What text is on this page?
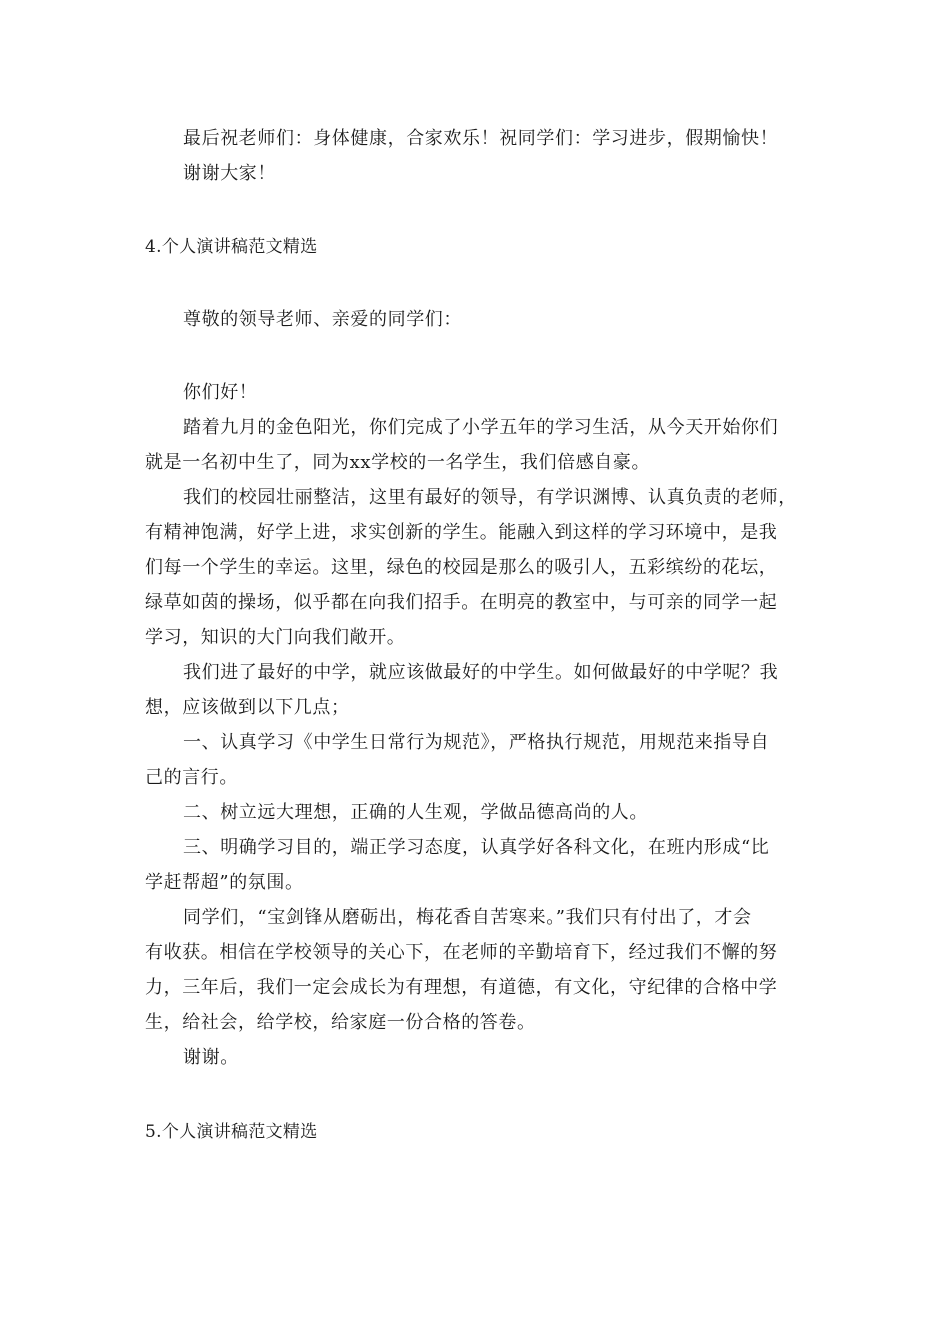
最后祝老师们：身体健康，合家欢乐！祝同学们：学习进步，假期愉快！
谢谢大家！
4.个人演讲稿范文精选
尊敬的领导老师、亲爱的同学们：
你们好！
踏着九月的金色阳光，你们完成了小学五年的学习生活，从今天开始你们
就是一名初中生了，同为xx学校的一名学生，我们倍感自豪。
我们的校园壮丽整洁，这里有最好的领导，有学识渊博、认真负责的老师，
有精神饱满，好学上进，求实创新的学生。能融入到这样的学习环境中，是我
们每一个学生的幸运。这里，绿色的校园是那么的吸引人，五彩缤纷的花坛，
绿草如茵的操场，似乎都在向我们招手。在明亮的教室中，与可亲的同学一起
学习，知识的大门向我们敞开。
我们进了最好的中学，就应该做最好的中学生。如何做最好的中学呢？我
想，应该做到以下几点；
一、认真学习《中学生日常行为规范》，严格执行规范，用规范来指导自
己的言行。
二、树立远大理想，正确的人生观，学做品德高尚的人。
三、明确学习目的，端正学习态度，认真学好各科文化，在班内形成“比
学赶帮超”的氛围。
同学们，“宝剑锋从磨砺出，梅花香自苦寒来。”我们只有付出了，才会
有收获。相信在学校领导的关心下，在老师的辛勤培育下，经过我们不懈的努
力，三年后，我们一定会成长为有理想，有道德，有文化，守纪律的合格中学
生，给社会，给学校，给家庭一份合格的答卷。
谢谢。
5.个人演讲稿范文精选
